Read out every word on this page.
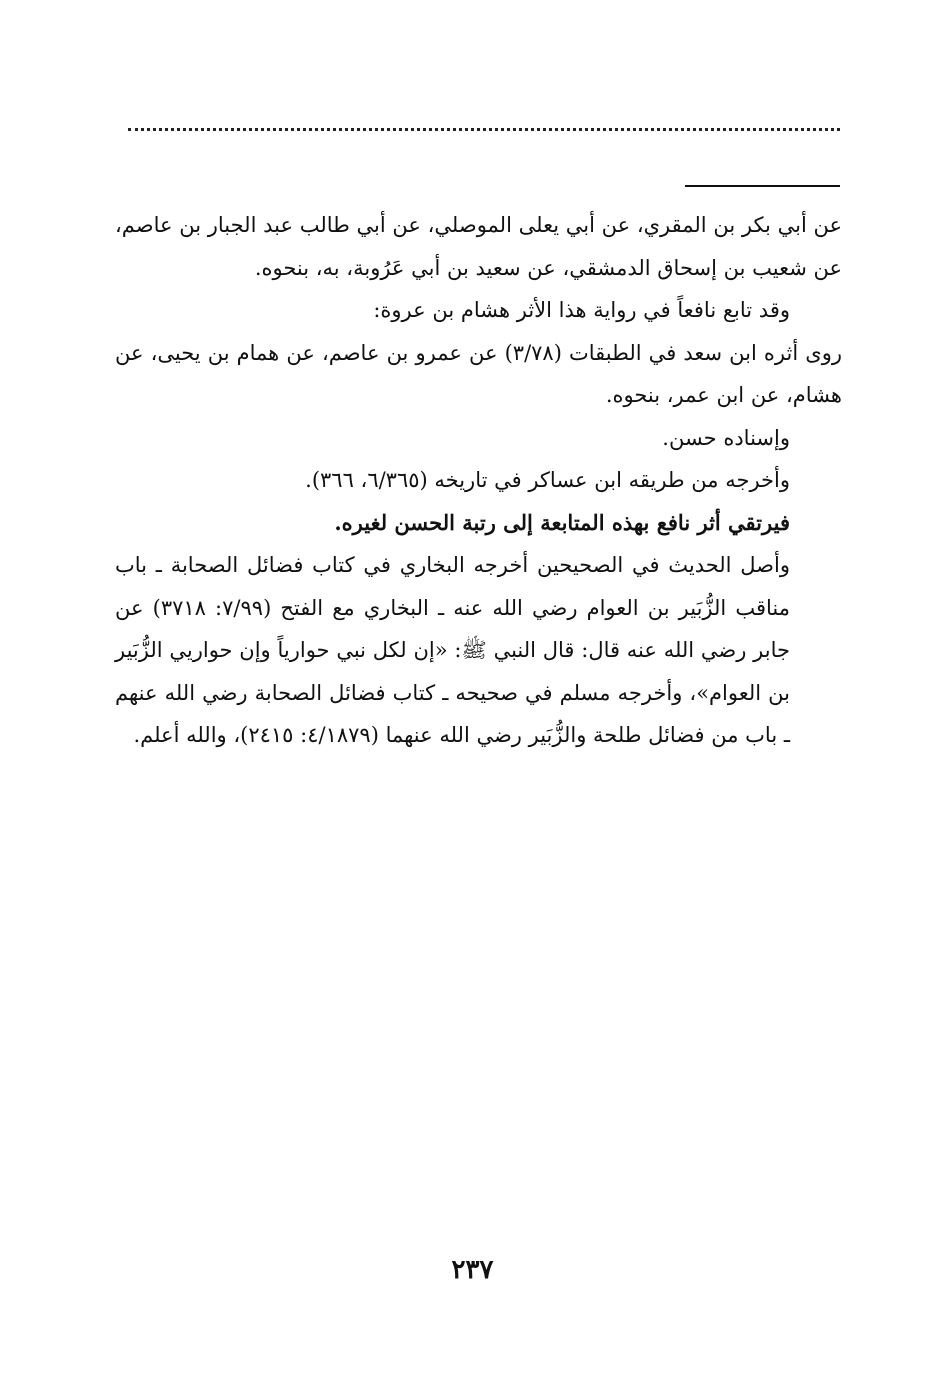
عن أبي بكر بن المقري، عن أبي يعلى الموصلي، عن أبي طالب عبد الجبار بن عاصم، عن شعيب بن إسحاق الدمشقي، عن سعيد بن أبي عَرُوبة، به، بنحوه.

وقد تابع نافعاً في رواية هذا الأثر هشام بن عروة:

روى أثره ابن سعد في الطبقات (٣/٧٨) عن عمرو بن عاصم، عن همام بن يحيى، عن هشام، عن ابن عمر، بنحوه.

وإسناده حسن.

وأخرجه من طريقه ابن عساكر في تاريخه (٦/٣٦٥، ٣٦٦).

فيرتقي أثر نافع بهذه المتابعة إلى رتبة الحسن لغيره.

وأصل الحديث في الصحيحين أخرجه البخاري في كتاب فضائل الصحابة ـ باب مناقب الزُّبَير بن العوام رضي الله عنه ـ البخاري مع الفتح (٧/٩٩: ٣٧١٨) عن جابر رضي الله عنه قال: قال النبي ﷺ: «إن لكل نبي حوارياً وإن حواريي الزُّبَير بن العوام»، وأخرجه مسلم في صحيحه ـ كتاب فضائل الصحابة رضي الله عنهم ـ باب من فضائل طلحة والزُّبَير رضي الله عنهما (٤/١٨٧٩: ٢٤١٥)، والله أعلم.

٢٣٧
